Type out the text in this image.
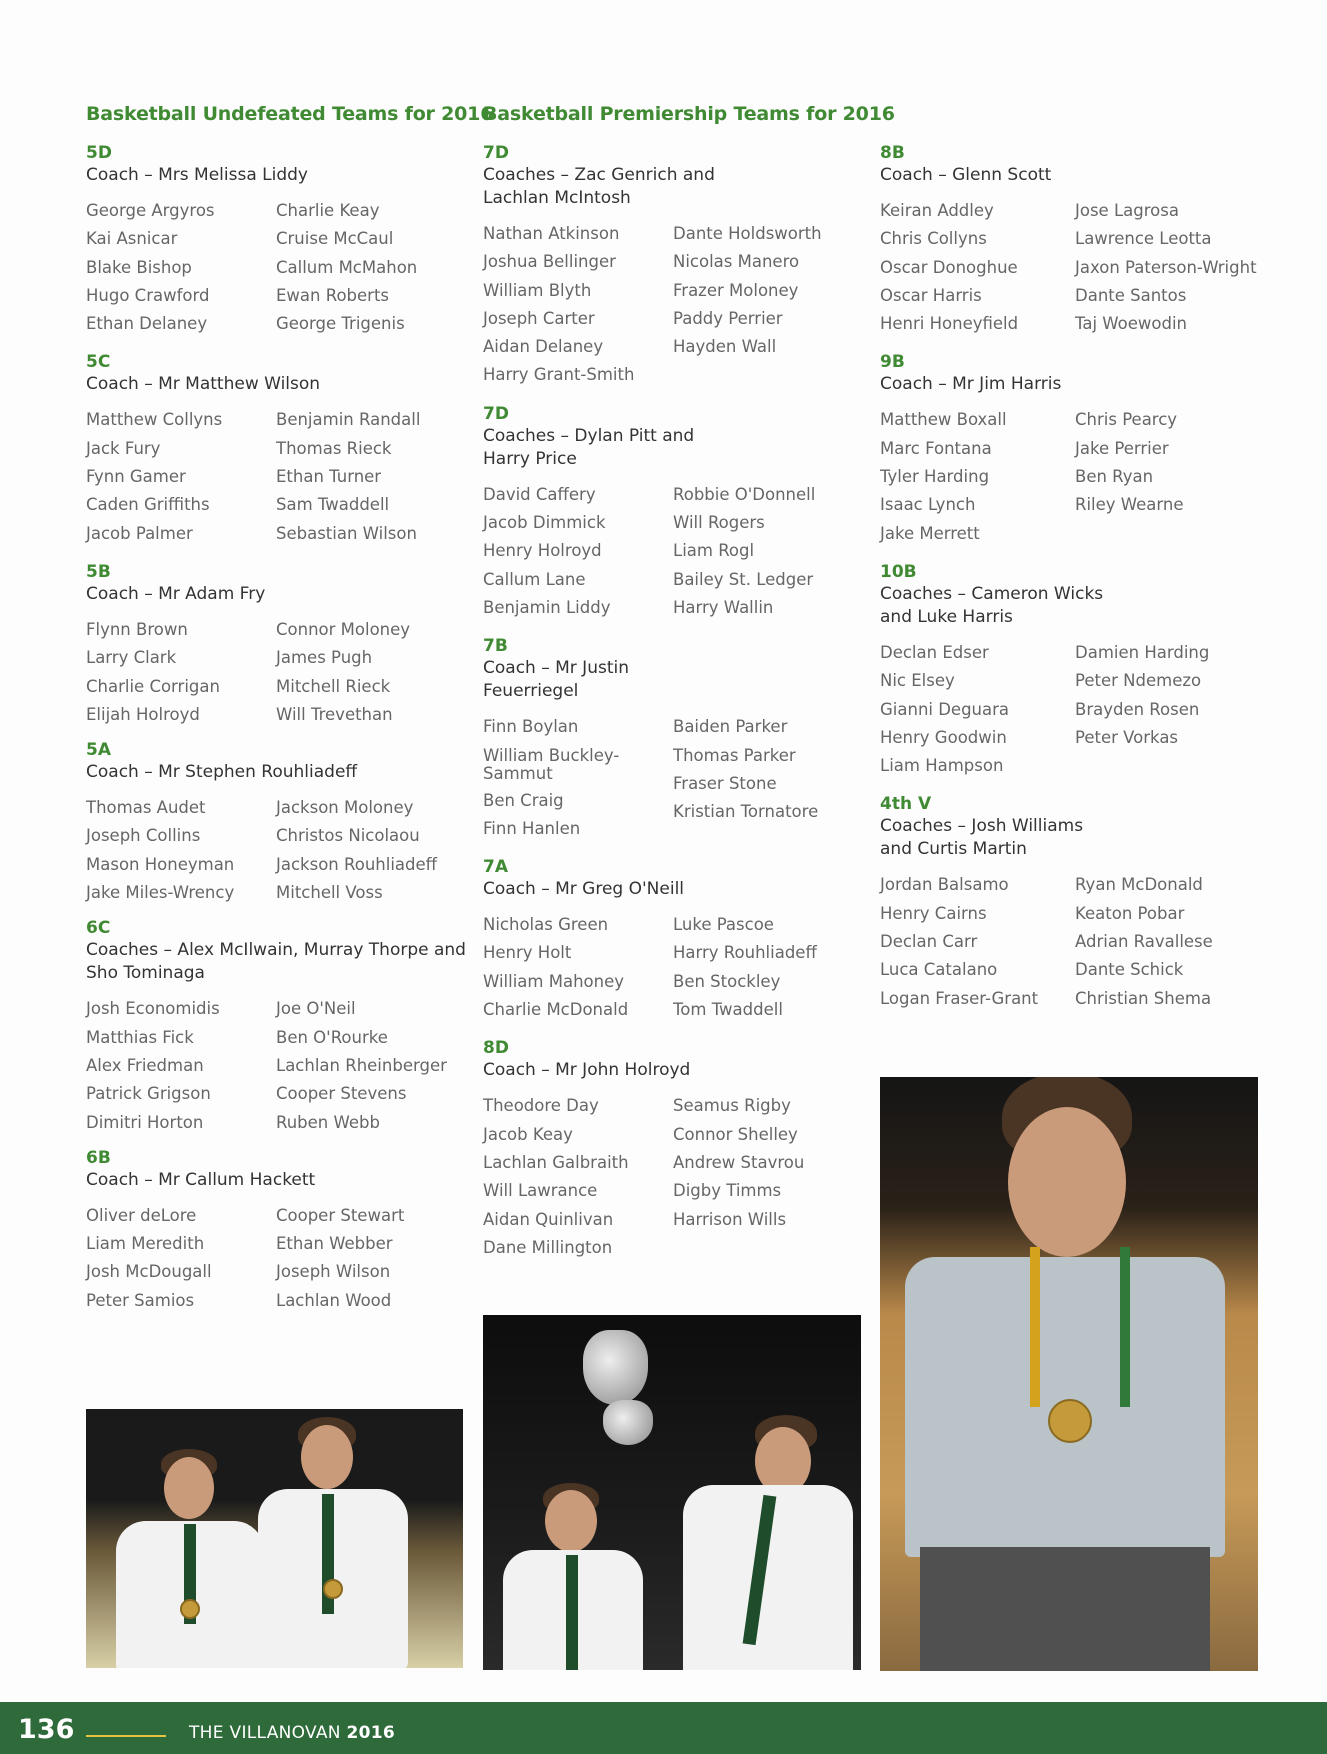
Basketball Undefeated Teams for 2016
Basketball Premiership Teams for 2016
5D
Coach – Mrs Melissa Liddy
George Argyros
Kai Asnicar
Blake Bishop
Hugo Crawford
Ethan Delaney
Charlie Keay
Cruise McCaul
Callum McMahon
Ewan Roberts
George Trigenis
5C
Coach – Mr Matthew Wilson
Matthew Collyns
Jack Fury
Fynn Gamer
Caden Griffiths
Jacob Palmer
Benjamin Randall
Thomas Rieck
Ethan Turner
Sam Twaddell
Sebastian Wilson
5B
Coach – Mr Adam Fry
Flynn Brown
Larry Clark
Charlie Corrigan
Elijah Holroyd
Connor Moloney
James Pugh
Mitchell Rieck
Will Trevethan
5A
Coach – Mr Stephen Rouhliadeff
Thomas Audet
Joseph Collins
Mason Honeyman
Jake Miles-Wrency
Jackson Moloney
Christos Nicolaou
Jackson Rouhliadeff
Mitchell Voss
6C
Coaches – Alex McIlwain, Murray Thorpe and Sho Tominaga
Josh Economidis
Matthias Fick
Alex Friedman
Patrick Grigson
Dimitri Horton
Joe O'Neil
Ben O'Rourke
Lachlan Rheinberger
Cooper Stevens
Ruben Webb
6B
Coach – Mr Callum Hackett
Oliver deLore
Liam Meredith
Josh McDougall
Peter Samios
Cooper Stewart
Ethan Webber
Joseph Wilson
Lachlan Wood
7D
Coaches – Zac Genrich and Lachlan McIntosh
Nathan Atkinson
Joshua Bellinger
William Blyth
Joseph Carter
Aidan Delaney
Harry Grant-Smith
Dante Holdsworth
Nicolas Manero
Frazer Moloney
Paddy Perrier
Hayden Wall
7D
Coaches – Dylan Pitt and Harry Price
David Caffery
Jacob Dimmick
Henry Holroyd
Callum Lane
Benjamin Liddy
Robbie O'Donnell
Will Rogers
Liam Rogl
Bailey St. Ledger
Harry Wallin
7B
Coach – Mr Justin Feuerriegel
Finn Boylan
William Buckley-Sammut
Ben Craig
Finn Hanlen
Baiden Parker
Thomas Parker
Fraser Stone
Kristian Tornatore
7A
Coach – Mr Greg O'Neill
Nicholas Green
Henry Holt
William Mahoney
Charlie McDonald
Luke Pascoe
Harry Rouhliadeff
Ben Stockley
Tom Twaddell
8D
Coach – Mr John Holroyd
Theodore Day
Jacob Keay
Lachlan Galbraith
Will Lawrance
Aidan Quinlivan
Dane Millington
Seamus Rigby
Connor Shelley
Andrew Stavrou
Digby Timms
Harrison Wills
8B
Coach – Glenn Scott
Keiran Addley
Chris Collyns
Oscar Donoghue
Oscar Harris
Henri Honeyfield
Jose Lagrosa
Lawrence Leotta
Jaxon Paterson-Wright
Dante Santos
Taj Woewodin
9B
Coach – Mr Jim Harris
Matthew Boxall
Marc Fontana
Tyler Harding
Isaac Lynch
Jake Merrett
Chris Pearcy
Jake Perrier
Ben Ryan
Riley Wearne
10B
Coaches – Cameron Wicks and Luke Harris
Declan Edser
Nic Elsey
Gianni Deguara
Henry Goodwin
Liam Hampson
Damien Harding
Peter Ndemezo
Brayden Rosen
Peter Vorkas
4th V
Coaches – Josh Williams and Curtis Martin
Jordan Balsamo
Henry Cairns
Declan Carr
Luca Catalano
Logan Fraser-Grant
Ryan McDonald
Keaton Pobar
Adrian Ravallese
Dante Schick
Christian Shema
136	THE VILLANOVAN 2016
